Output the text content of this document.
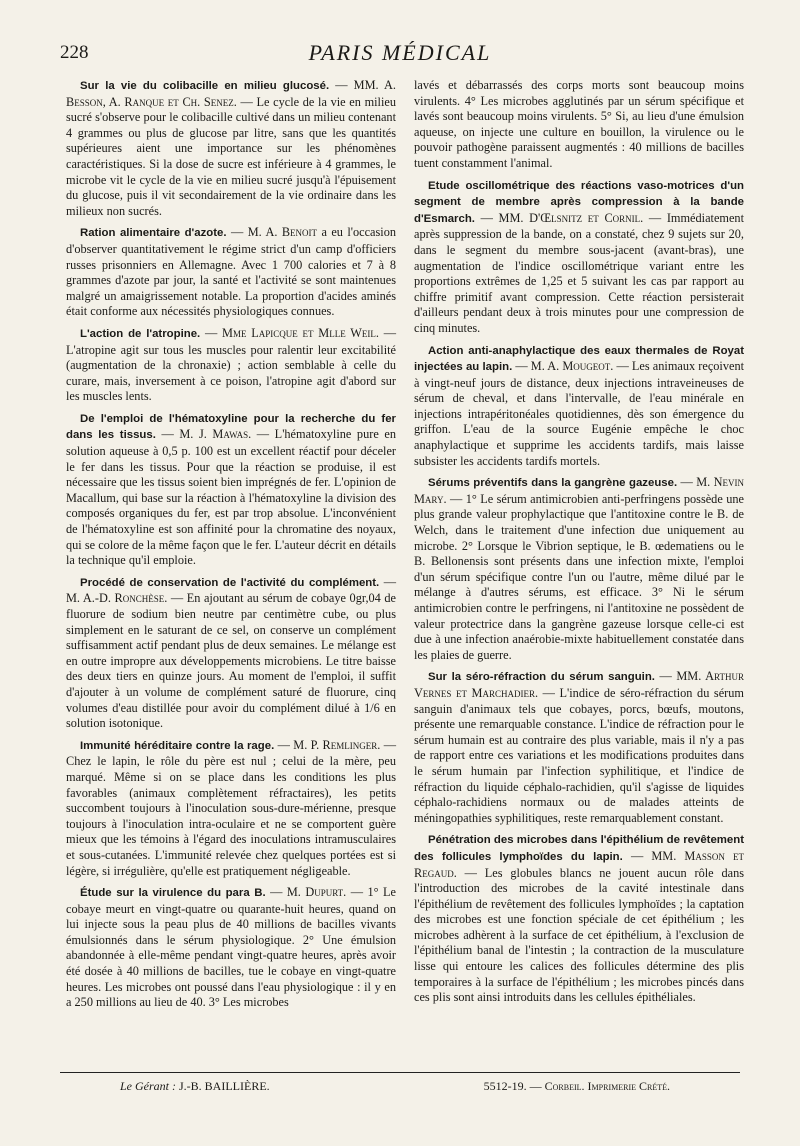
228	PARIS MÉDICAL

Sur la vie du colibacille en milieu glucosé. — MM. A. Besson, A. Ranque et Ch. Senez. — Le cycle de la vie en milieu sucré s'observe pour le colibacille cultivé dans un milieu contenant 4 grammes ou plus de glucose par litre, sans que les quantités supérieures aient une importance sur les phénomènes caractéristiques. Si la dose de sucre est inférieure à 4 grammes, le microbe vit le cycle de la vie en milieu sucré jusqu'à l'épuisement du glucose, puis il vit secondairement de la vie ordinaire dans les milieux non sucrés.

Ration alimentaire d'azote. — M. A. Benoit a eu l'occasion d'observer quantitativement le régime strict d'un camp d'officiers russes prisonniers en Allemagne. Avec 1 700 calories et 7 à 8 grammes d'azote par jour, la santé et l'activité se sont maintenues malgré un amaigrissement notable. La proportion d'acides aminés était conforme aux nécessités physiologiques connues.

L'action de l'atropine. — Mme Lapicque et Mlle Weil. — L'atropine agit sur tous les muscles pour ralentir leur excitabilité (augmentation de la chronaxie) ; action semblable à celle du curare, mais, inversement à ce poison, l'atropine agit d'abord sur les muscles lents.

De l'emploi de l'hématoxyline pour la recherche du fer dans les tissus. — M. J. Mawas. — L'hématoxyline pure en solution aqueuse à 0,5 p. 100 est un excellent réactif pour déceler le fer dans les tissus. Pour que la réaction se produise, il est nécessaire que les tissus soient bien imprégnés de fer. L'opinion de Macallum, qui base sur la réaction à l'hématoxyline la division des composés organiques du fer, est par trop absolue. L'inconvénient de l'hématoxyline est son affinité pour la chromatine des noyaux, qui se colore de la même façon que le fer. L'auteur décrit en détails la technique qu'il emploie.

Procédé de conservation de l'activité du complément. — M. A.-D. Ronchèse. — En ajoutant au sérum de cobaye 0gr,04 de fluorure de sodium bien neutre par centimètre cube, ou plus simplement en le saturant de ce sel, on conserve un complément suffisamment actif pendant plus de deux semaines. Le mélange est en outre impropre aux développements microbiens. Le titre baisse des deux tiers en quinze jours. Au moment de l'emploi, il suffit d'ajouter à un volume de complément saturé de fluorure, cinq volumes d'eau distillée pour avoir du complément dilué à 1/6 en solution isotonique.

Immunité héréditaire contre la rage. — M. P. Remlinger. — Chez le lapin, le rôle du père est nul ; celui de la mère, peu marqué. Même si on se place dans les conditions les plus favorables (animaux complètement réfractaires), les petits succombent toujours à l'inoculation sous-dure-mérienne, presque toujours à l'inoculation intra-oculaire et ne se comportent guère mieux que les témoins à l'égard des inoculations intramusculaires et sous-cutanées. L'immunité relevée chez quelques portées est si légère, si irrégulière, qu'elle est pratiquement négligeable.

Étude sur la virulence du para B. — M. Dupurt. — 1° Le cobaye meurt en vingt-quatre ou quarante-huit heures, quand on lui injecte sous la peau plus de 40 millions de bacilles vivants émulsionnés dans le sérum physiologique. 2° Une émulsion abandonnée à elle-même pendant vingt-quatre heures, après avoir été dosée à 40 millions de bacilles, tue le cobaye en vingt-quatre heures. Les microbes ont poussé dans l'eau physiologique : il y en a 250 millions au lieu de 40. 3° Les microbes

lavés et débarrassés des corps morts sont beaucoup moins virulents. 4° Les microbes agglutinés par un sérum spécifique et lavés sont beaucoup moins virulents. 5° Si, au lieu d'une émulsion aqueuse, on injecte une culture en bouillon, la virulence ou le pouvoir pathogène paraissent augmentés : 40 millions de bacilles tuent constamment l'animal.

Etude oscillométrique des réactions vaso-motrices d'un segment de membre après compression à la bande d'Esmarch. — MM. D'Œlsnitz et Cornil. — Immédiatement après suppression de la bande, on a constaté, chez 9 sujets sur 20, dans le segment du membre sous-jacent (avant-bras), une augmentation de l'indice oscillométrique variant entre les proportions extrêmes de 1,25 et 5 suivant les cas par rapport au chiffre primitif avant compression. Cette réaction persisterait d'ailleurs pendant deux à trois minutes pour une compression de cinq minutes.

Action anti-anaphylactique des eaux thermales de Royat injectées au lapin. — M. A. Mougeot. — Les animaux reçoivent à vingt-neuf jours de distance, deux injections intraveineuses de sérum de cheval, et dans l'intervalle, de l'eau minérale en injections intrapéritonéales quotidiennes, dès son émergence du griffon. L'eau de la source Eugénie empêche le choc anaphylactique et supprime les accidents tardifs, mais laisse subsister les accidents tardifs mortels.

Sérums préventifs dans la gangrène gazeuse. — M. Nevin Mary. — 1° Le sérum antimicrobien anti-perfringens possède une plus grande valeur prophylactique que l'antitoxine contre le B. de Welch, dans le traitement d'une infection due uniquement au microbe. 2° Lorsque le Vibrion septique, le B. œdematiens ou le B. Bellonensis sont présents dans une infection mixte, l'emploi d'un sérum spécifique contre l'un ou l'autre, même dilué par le mélange à d'autres sérums, est efficace. 3° Ni le sérum antimicrobien contre le perfringens, ni l'antitoxine ne possèdent de valeur protectrice dans la gangrène gazeuse lorsque celle-ci est due à une infection anaérobie-mixte habituellement constatée dans les plaies de guerre.

Sur la séro-réfraction du sérum sanguin. — MM. Arthur Vernes et Marchadier. — L'indice de séro-réfraction du sérum sanguin d'animaux tels que cobayes, porcs, bœufs, moutons, présente une remarquable constance. L'indice de réfraction pour le sérum humain est au contraire des plus variable, mais il n'y a pas de rapport entre ces variations et les modifications produites dans le sérum humain par l'infection syphilitique, et l'indice de réfraction du liquide céphalo-rachidien, qu'il s'agisse de liquides céphalo-rachidiens normaux ou de malades atteints de méningopathies syphilitiques, reste remarquablement constant.

Pénétration des microbes dans l'épithélium de revêtement des follicules lymphoïdes du lapin. — MM. Masson et Regaud. — Les globules blancs ne jouent aucun rôle dans l'introduction des microbes de la cavité intestinale dans l'épithélium de revêtement des follicules lymphoïdes ; la captation des microbes est une fonction spéciale de cet épithélium ; les microbes adhèrent à la surface de cet épithélium, à l'exclusion de l'épithélium banal de l'intestin ; la contraction de la musculature lisse qui entoure les calices des follicules détermine des plis temporaires à la surface de l'épithélium ; les microbes pincés dans ces plis sont ainsi introduits dans les cellules épithéliales.

Le Gérant : J.-B. BAILLIÈRE.	5512-19. — Corbeil. Imprimerie Crété.
